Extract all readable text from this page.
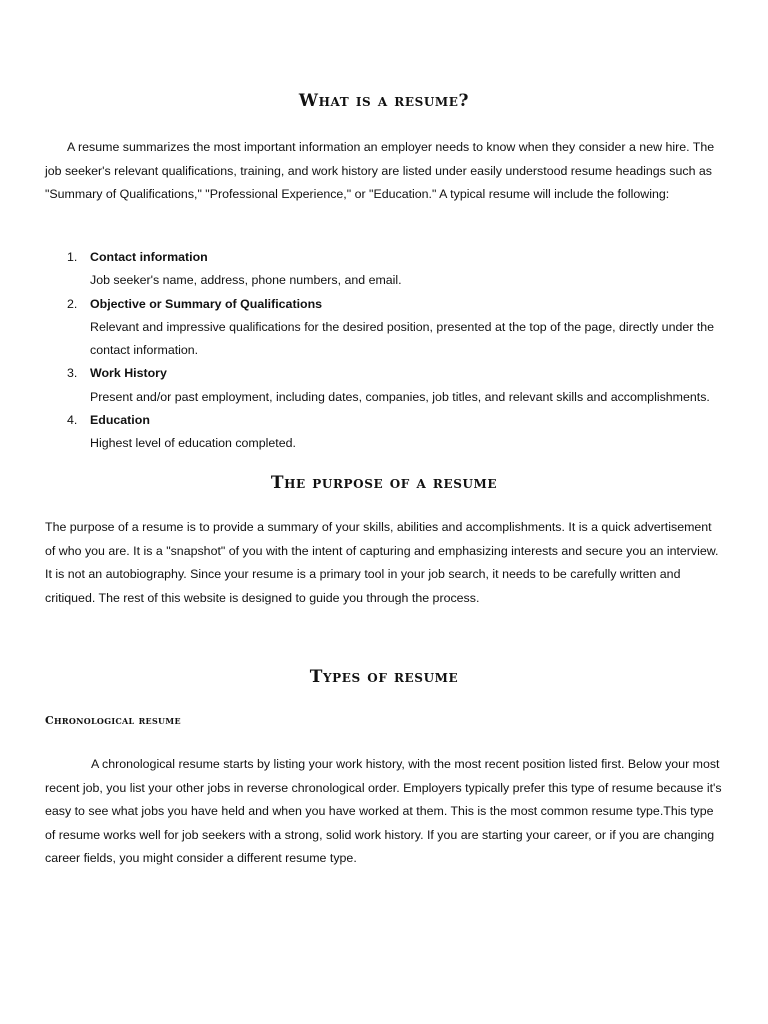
What is a resume?

A resume summarizes the most important information an employer needs to know when they consider a new hire. The job seeker's relevant qualifications, training, and work history are listed under easily understood resume headings such as "Summary of Qualifications," "Professional Experience," or "Education." A typical resume will include the following:

1. Contact information
Job seeker's name, address, phone numbers, and email.
2. Objective or Summary of Qualifications
Relevant and impressive qualifications for the desired position, presented at the top of the page, directly under the contact information.
3. Work History
Present and/or past employment, including dates, companies, job titles, and relevant skills and accomplishments.
4. Education
Highest level of education completed.
The purpose of a resume

The purpose of a resume is to provide a summary of your skills, abilities and accomplishments. It is a quick advertisement of who you are. It is a "snapshot" of you with the intent of capturing and emphasizing interests and secure you an interview. It is not an autobiography. Since your resume is a primary tool in your job search, it needs to be carefully written and critiqued. The rest of this website is designed to guide you through the process.

Types of resume
Chronological resume

A chronological resume starts by listing your work history, with the most recent position listed first. Below your most recent job, you list your other jobs in reverse chronological order. Employers typically prefer this type of resume because it's easy to see what jobs you have held and when you have worked at them. This is the most common resume type.This type of resume works well for job seekers with a strong, solid work history. If you are starting your career, or if you are changing career fields, you might consider a different resume type.
